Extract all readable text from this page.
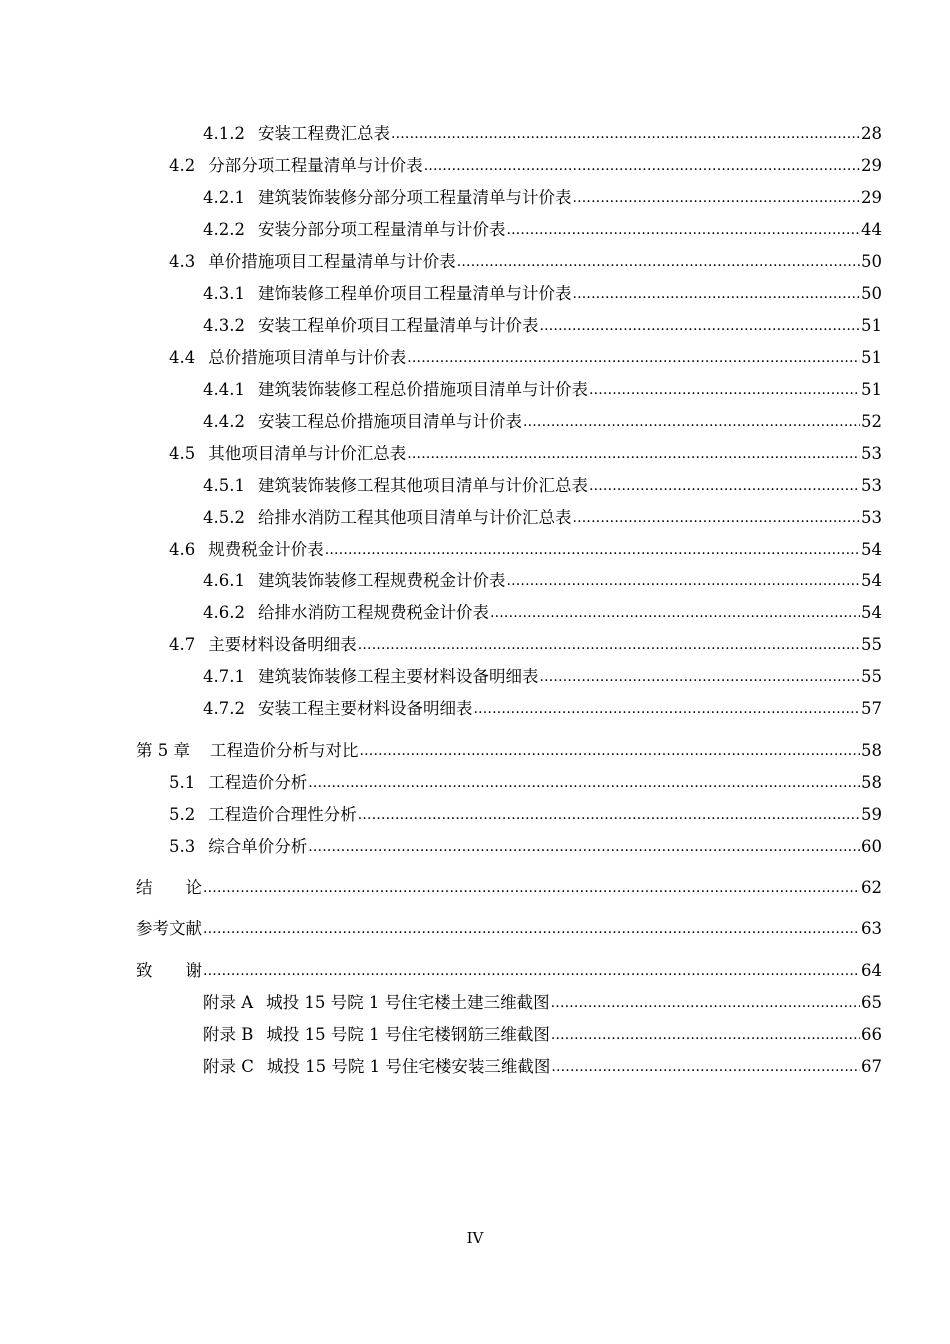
4.1.2 安装工程费汇总表 .....	28
4.2 分部分项工程量清单与计价表 .....	29
4.2.1 建筑装饰装修分部分项工程量清单与计价表 .....	29
4.2.2 安装分部分项工程量清单与计价表 .....	44
4.3 单价措施项目工程量清单与计价表 .....	50
4.3.1 建饰装修工程单价项目工程量清单与计价表 .....	50
4.3.2 安装工程单价项目工程量清单与计价表 .....	51
4.4 总价措施项目清单与计价表 .....	51
4.4.1 建筑装饰装修工程总价措施项目清单与计价表 .....	51
4.4.2 安装工程总价措施项目清单与计价表 .....	52
4.5 其他项目清单与计价汇总表 .....	53
4.5.1 建筑装饰装修工程其他项目清单与计价汇总表 .....	53
4.5.2 给排水消防工程其他项目清单与计价汇总表 .....	53
4.6 规费税金计价表 .....	54
4.6.1 建筑装饰装修工程规费税金计价表 .....	54
4.6.2 给排水消防工程规费税金计价表 .....	54
4.7 主要材料设备明细表 .....	55
4.7.1 建筑装饰装修工程主要材料设备明细表 .....	55
4.7.2 安装工程主要材料设备明细表 .....	57
第 5 章 工程造价分析与对比 .....	58
5.1 工程造价分析 .....	58
5.2 工程造价合理性分析 .....	59
5.3 综合单价分析 .....	60
结　　论 .....	62
参考文献 .....	63
致　　谢 .....	64
附录 A 城投 15 号院 1 号住宅楼土建三维截图 .....	65
附录 B 城投 15 号院 1 号住宅楼钢筋三维截图 .....	66
附录 C 城投 15 号院 1 号住宅楼安装三维截图 .....	67
IV
